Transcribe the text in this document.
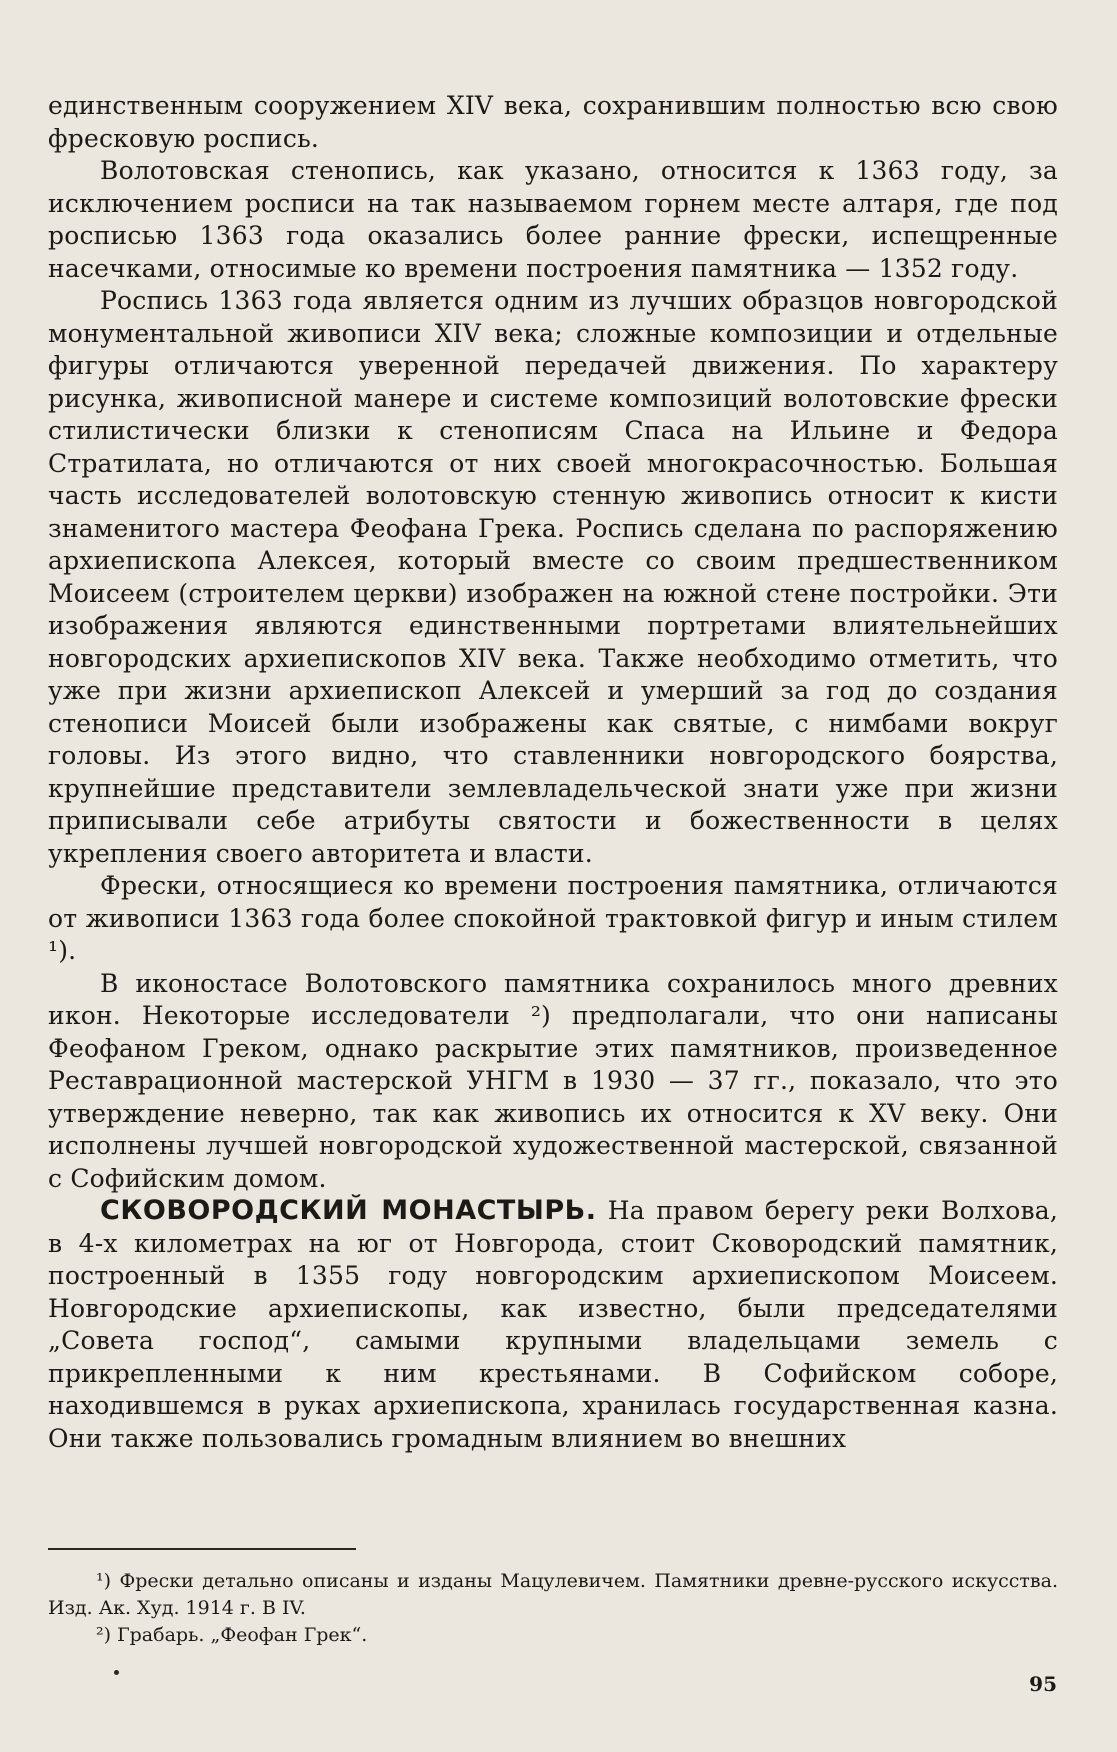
единственным сооружением XIV века, сохранившим полностью всю свою фресковую роспись.

Волотовская стенопись, как указано, относится к 1363 году, за исключением росписи на так называемом горнем месте алтаря, где под росписью 1363 года оказались более ранние фрески, испещренные насечками, относимые ко времени построения памятника — 1352 году.

Роспись 1363 года является одним из лучших образцов новгородской монументальной живописи XIV века; сложные композиции и отдельные фигуры отличаются уверенной передачей движения. По характеру рисунка, живописной манере и системе композиций волотовские фрески стилистически близки к стенописям Спаса на Ильине и Федора Стратилата, но отличаются от них своей многокрасочностью. Большая часть исследователей волотовскую стенную живопись относит к кисти знаменитого мастера Феофана Грека. Роспись сделана по распоряжению архиепископа Алексея, который вместе со своим предшественником Моисеем (строителем церкви) изображен на южной стене постройки. Эти изображения являются единственными портретами влиятельнейших новгородских архиепископов XIV века. Также необходимо отметить, что уже при жизни архиепископ Алексей и умерший за год до создания стенописи Моисей были изображены как святые, с нимбами вокруг головы. Из этого видно, что ставленники новгородского боярства, крупнейшие представители землевладельческой знати уже при жизни приписывали себе атрибуты святости и божественности в целях укрепления своего авторитета и власти.

Фрески, относящиеся ко времени построения памятника, отличаются от живописи 1363 года более спокойной трактовкой фигур и иным стилем ¹).

В иконостасе Волотовского памятника сохранилось много древних икон. Некоторые исследователи ²) предполагали, что они написаны Феофаном Греком, однако раскрытие этих памятников, произведенное Реставрационной мастерской УНГМ в 1930 — 37 гг., показало, что это утверждение неверно, так как живопись их относится к XV веку. Они исполнены лучшей новгородской художественной мастерской, связанной с Софийским домом.

СКОВОРОДСКИЙ МОНАСТЫРЬ. На правом берегу реки Волхова, в 4-х километрах на юг от Новгорода, стоит Сковородский памятник, построенный в 1355 году новгородским архиепископом Моисеем. Новгородские архиепископы, как известно, были председателями „Совета господ“, самыми крупными владельцами земель с прикрепленными к ним крестьянами. В Софийском соборе, находившемся в руках архиепископа, хранилась государственная казна. Они также пользовались громадным влиянием во внешних

¹) Фрески детально описаны и изданы Мацулевичем. Памятники древне-русского искусства. Изд. Ак. Худ. 1914 г. В IV.

²) Грабарь. „Феофан Грек“.

95
